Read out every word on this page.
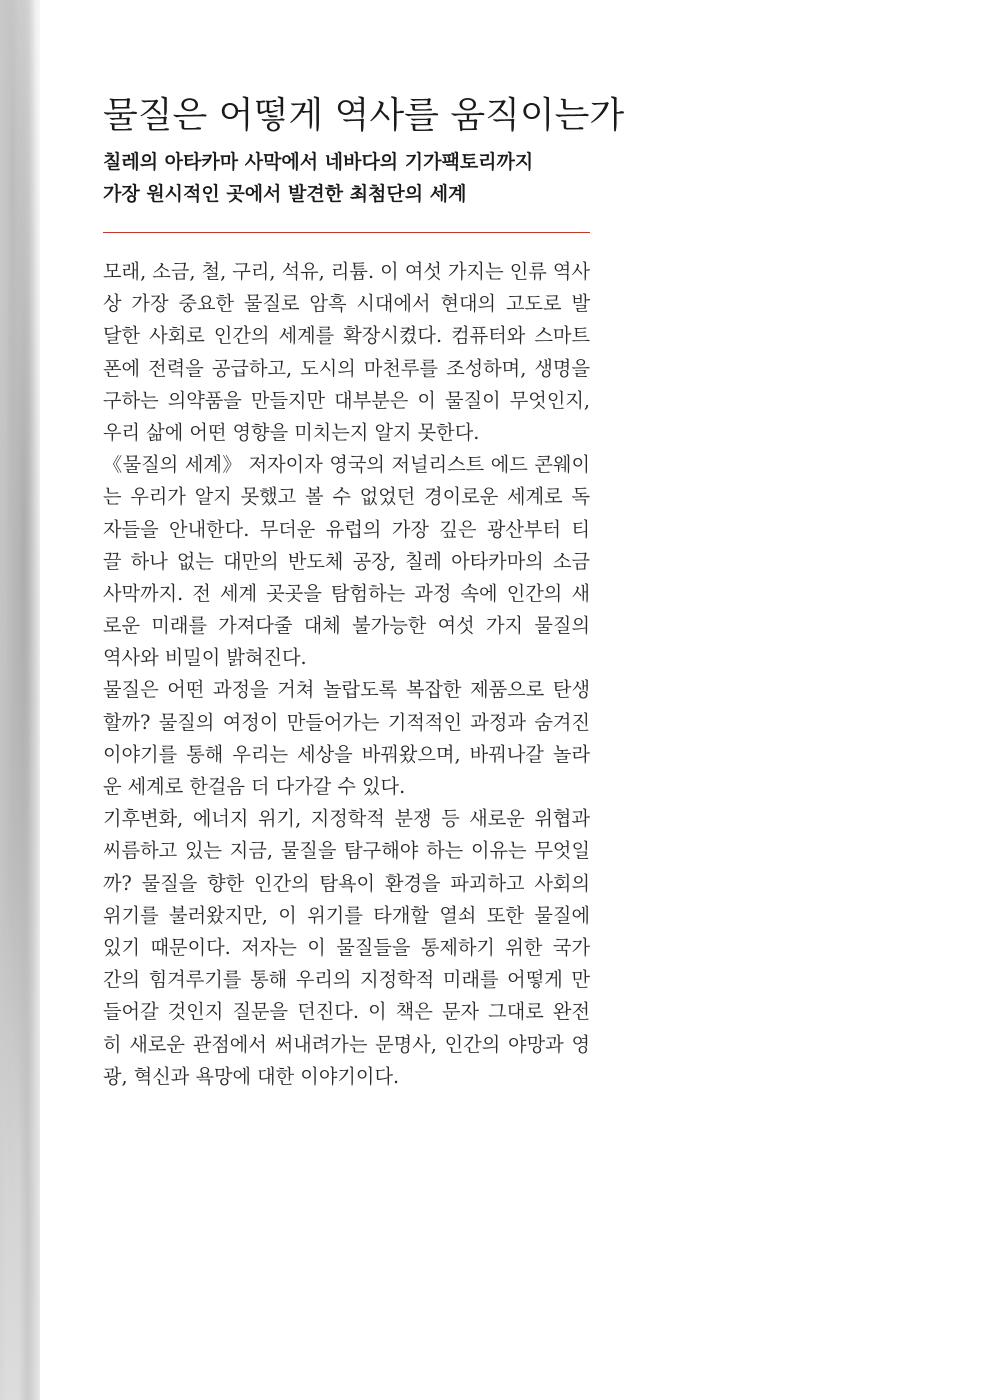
물질은 어떻게 역사를 움직이는가
칠레의 아타카마 사막에서 네바다의 기가팩토리까지
가장 원시적인 곳에서 발견한 최첨단의 세계
모래, 소금, 철, 구리, 석유, 리튬. 이 여섯 가지는 인류 역사
상 가장 중요한 물질로 암흑 시대에서 현대의 고도로 발
달한 사회로 인간의 세계를 확장시켰다. 컴퓨터와 스마트
폰에 전력을 공급하고, 도시의 마천루를 조성하며, 생명을
구하는 의약품을 만들지만 대부분은 이 물질이 무엇인지,
우리 삶에 어떤 영향을 미치는지 알지 못한다.
《물질의 세계》 저자이자 영국의 저널리스트 에드 콘웨이
는 우리가 알지 못했고 볼 수 없었던 경이로운 세계로 독
자들을 안내한다. 무더운 유럽의 가장 깊은 광산부터 티
끌 하나 없는 대만의 반도체 공장, 칠레 아타카마의 소금
사막까지. 전 세계 곳곳을 탐험하는 과정 속에 인간의 새
로운 미래를 가져다줄 대체 불가능한 여섯 가지 물질의
역사와 비밀이 밝혀진다.
물질은 어떤 과정을 거쳐 놀랍도록 복잡한 제품으로 탄생
할까? 물질의 여정이 만들어가는 기적적인 과정과 숨겨진
이야기를 통해 우리는 세상을 바꿔왔으며, 바꿔나갈 놀라
운 세계로 한걸음 더 다가갈 수 있다.
기후변화, 에너지 위기, 지정학적 분쟁 등 새로운 위협과
씨름하고 있는 지금, 물질을 탐구해야 하는 이유는 무엇일
까? 물질을 향한 인간의 탐욕이 환경을 파괴하고 사회의
위기를 불러왔지만, 이 위기를 타개할 열쇠 또한 물질에
있기 때문이다. 저자는 이 물질들을 통제하기 위한 국가
간의 힘겨루기를 통해 우리의 지정학적 미래를 어떻게 만
들어갈 것인지 질문을 던진다. 이 책은 문자 그대로 완전
히 새로운 관점에서 써내려가는 문명사, 인간의 야망과 영
광, 혁신과 욕망에 대한 이야기이다.
